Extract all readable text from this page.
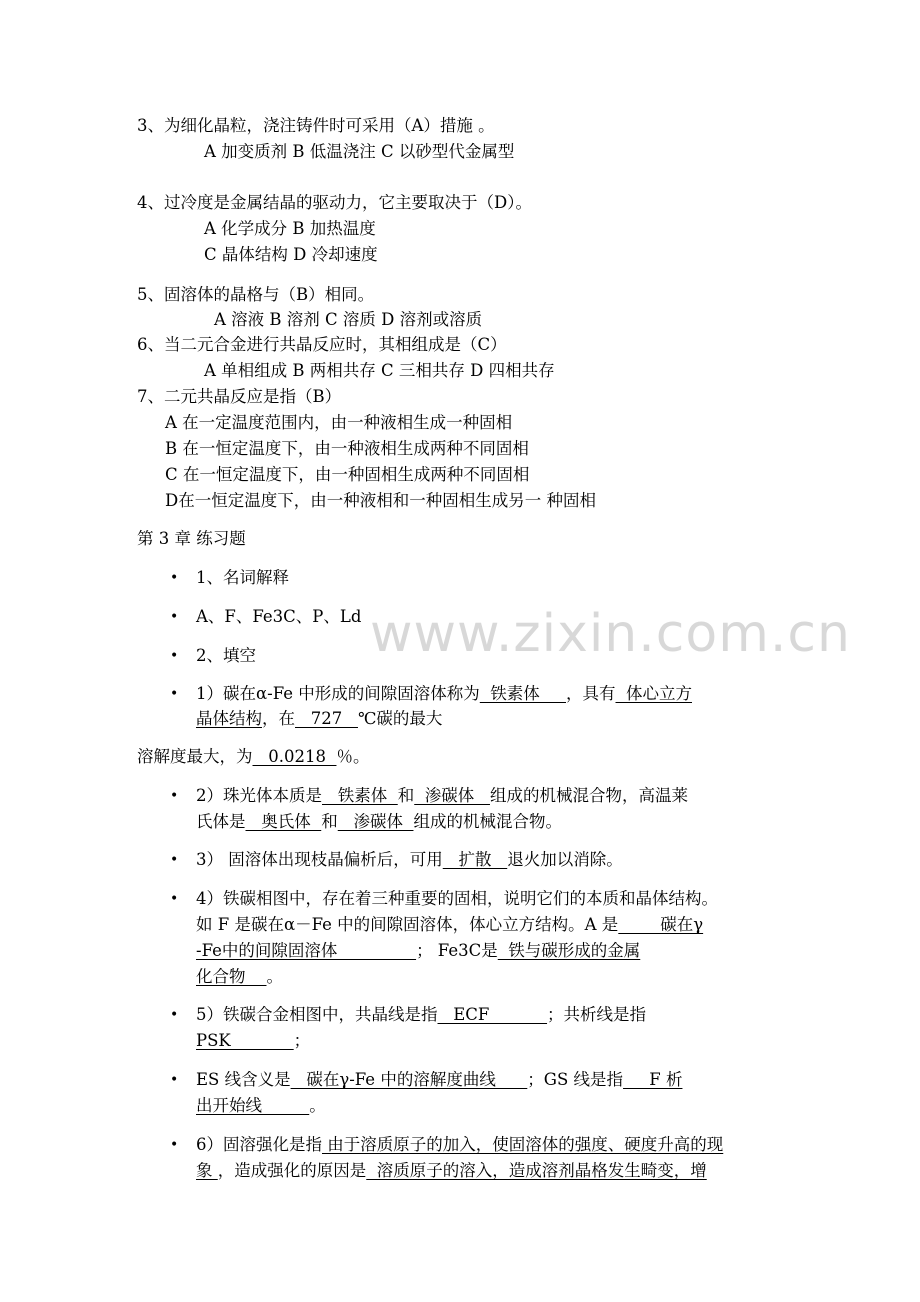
www.zixin.com.cn
3、为细化晶粒，浇注铸件时可采用（A）措施 。
A 加变质剂 B 低温浇注 C 以砂型代金属型
4、过冷度是金属结晶的驱动力，它主要取决于（D）。
A 化学成分 B 加热温度
C 晶体结构 D 冷却速度
5、固溶体的晶格与（B）相同。
A 溶液 B 溶剂 C 溶质 D 溶剂或溶质
6、当二元合金进行共晶反应时，其相组成是（C）
A 单相组成 B 两相共存 C 三相共存 D 四相共存
7、二元共晶反应是指（B）
A 在一定温度范围内，由一种液相生成一种固相
B 在一恒定温度下，由一种液相生成两种不同固相
C 在一恒定温度下，由一种固相生成两种不同固相
D在一恒定温度下，由一种液相和一种固相生成另一 种固相
第 3 章 练习题
• 1、名词解释
• A、F、Fe3C、P、Ld
• 2、填空
• 1）碳在α-Fe 中形成的间隙固溶体称为  铁素体     ，具有  体心立方
晶体结构，在   727   ℃碳的最大
溶解度最大，为   0.0218  ％。
• 2）珠光体本质是   铁素体  和  渗碳体   组成的机械混合物，高温莱
氏体是   奥氏体  和   渗碳体  组成的机械混合物。
• 3） 固溶体出现枝晶偏析后，可用   扩散   退火加以消除。
• 4）铁碳相图中，存在着三种重要的固相，说明它们的本质和晶体结构。
如 F 是碳在α－Fe 中的间隙固溶体，体心立方结构。A 是        碳在γ
-Fe中的间隙固溶体               ； Fe3C是  铁与碳形成的金属
化合物    。
• 5）铁碳合金相图中，共晶线是指   ECF           ；共析线是指
PSK            ；
• ES 线含义是   碳在γ-Fe 中的溶解度曲线      ；GS 线是指     F 析
出开始线         。
• 6）固溶强化是指 由于溶质原子的加入，使固溶体的强度、硬度升高的现
象 ，造成强化的原因是  溶质原子的溶入，造成溶剂晶格发生畸变，增
